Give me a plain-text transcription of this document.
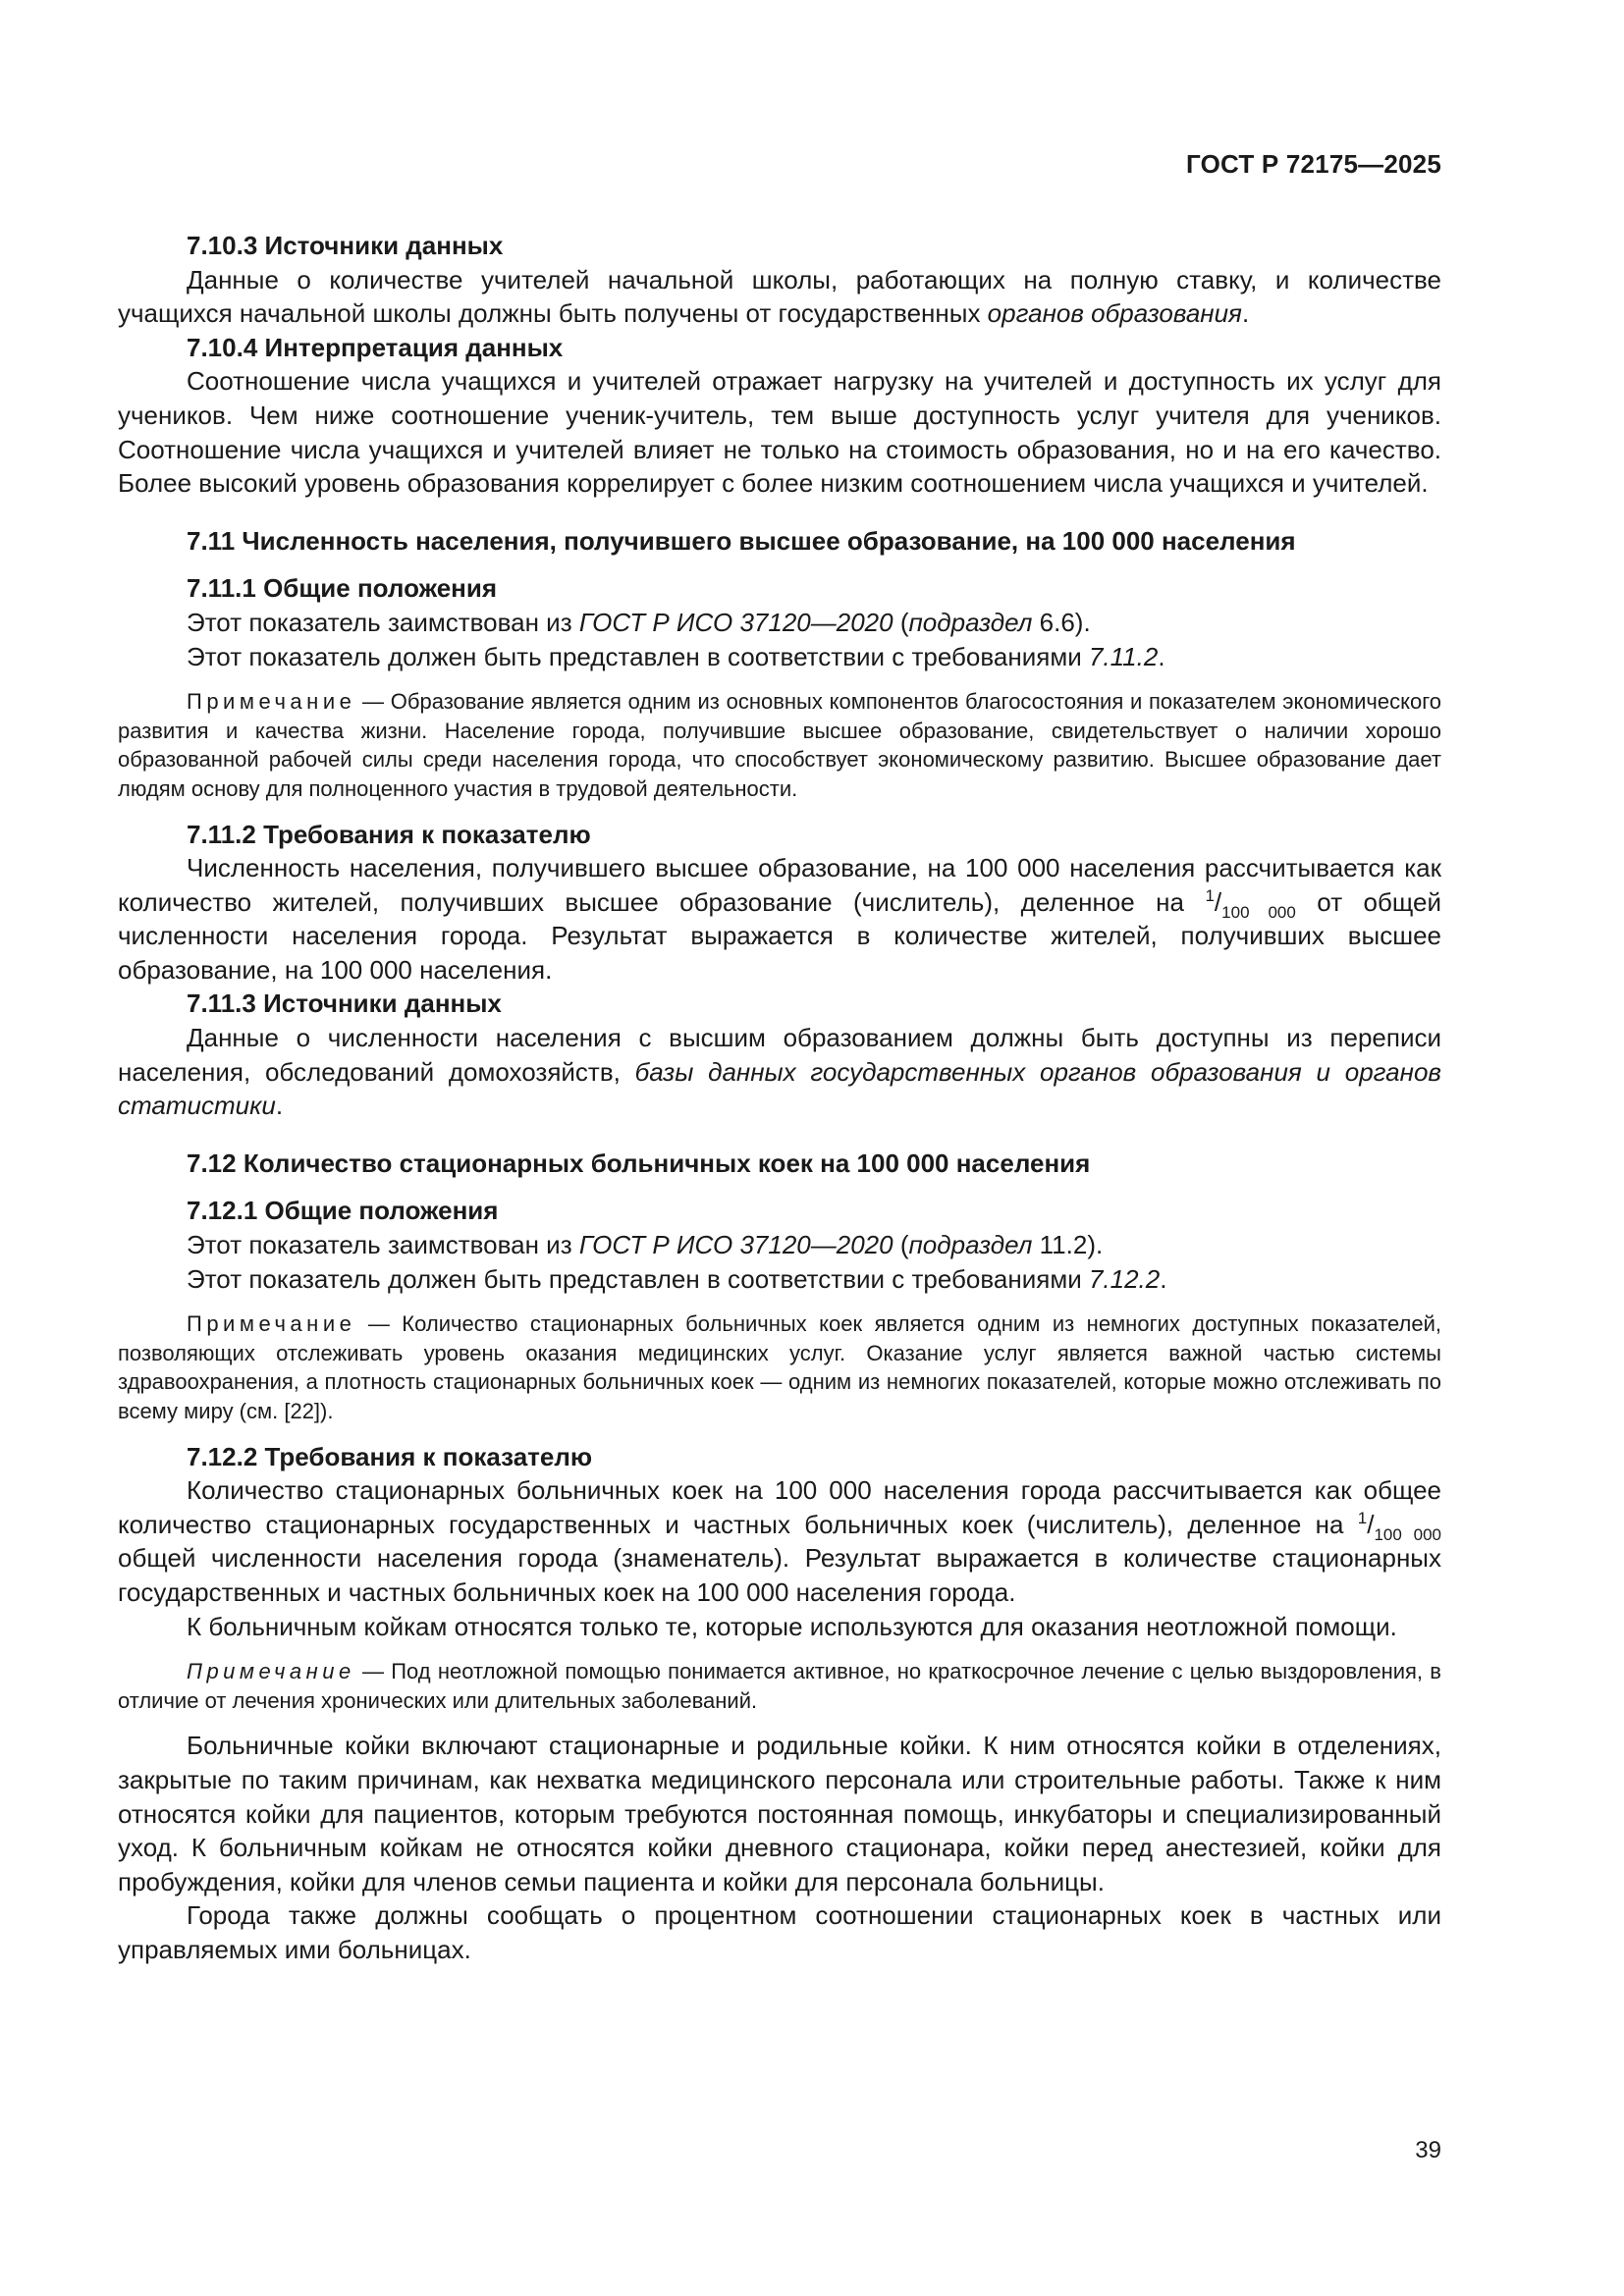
ГОСТ Р 72175—2025
7.10.3 Источники данных

Данные о количестве учителей начальной школы, работающих на полную ставку, и количестве учащихся начальной школы должны быть получены от государственных органов образования.

7.10.4 Интерпретация данных

Соотношение числа учащихся и учителей отражает нагрузку на учителей и доступность их услуг для учеников. Чем ниже соотношение ученик-учитель, тем выше доступность услуг учителя для учеников. Соотношение числа учащихся и учителей влияет не только на стоимость образования, но и на его качество. Более высокий уровень образования коррелирует с более низким соотношением числа учащихся и учителей.

7.11 Численность населения, получившего высшее образование, на 100 000 населения
7.11.1 Общие положения

Этот показатель заимствован из ГОСТ Р ИСО 37120—2020 (подраздел 6.6).

Этот показатель должен быть представлен в соответствии с требованиями 7.11.2.

Примечание — Образование является одним из основных компонентов благосостояния и показателем экономического развития и качества жизни. Население города, получившие высшее образование, свидетельствует о наличии хорошо образованной рабочей силы среди населения города, что способствует экономическому развитию. Высшее образование дает людям основу для полноценного участия в трудовой деятельности.

7.11.2 Требования к показателю

Численность населения, получившего высшее образование, на 100 000 населения рассчитывается как количество жителей, получивших высшее образование (числитель), деленное на $^1/_{100 000}$ от общей численности населения города. Результат выражается в количестве жителей, получивших высшее образование, на 100 000 населения.

7.11.3 Источники данных

Данные о численности населения с высшим образованием должны быть доступны из переписи населения, обследований домохозяйств, базы данных государственных органов образования и органов статистики.

7.12 Количество стационарных больничных коек на 100 000 населения
7.12.1 Общие положения

Этот показатель заимствован из ГОСТ Р ИСО 37120—2020 (подраздел 11.2).

Этот показатель должен быть представлен в соответствии с требованиями 7.12.2.

Примечание — Количество стационарных больничных коек является одним из немногих доступных показателей, позволяющих отслеживать уровень оказания медицинских услуг. Оказание услуг является важной частью системы здравоохранения, а плотность стационарных больничных коек — одним из немногих показателей, которые можно отслеживать по всему миру (см. [22]).

7.12.2 Требования к показателю

Количество стационарных больничных коек на 100 000 населения города рассчитывается как общее количество стационарных государственных и частных больничных коек (числитель), деленное на $^1/_{100 000}$ общей численности населения города (знаменатель). Результат выражается в количестве стационарных государственных и частных больничных коек на 100 000 населения города.

К больничным койкам относятся только те, которые используются для оказания неотложной помощи.

Примечание — Под неотложной помощью понимается активное, но краткосрочное лечение с целью выздоровления, в отличие от лечения хронических или длительных заболеваний.

Больничные койки включают стационарные и родильные койки. К ним относятся койки в отделениях, закрытые по таким причинам, как нехватка медицинского персонала или строительные работы. Также к ним относятся койки для пациентов, которым требуются постоянная помощь, инкубаторы и специализированный уход. К больничным койкам не относятся койки дневного стационара, койки перед анестезией, койки для пробуждения, койки для членов семьи пациента и койки для персонала больницы.

Города также должны сообщать о процентном соотношении стационарных коек в частных или управляемых ими больницах.

39
